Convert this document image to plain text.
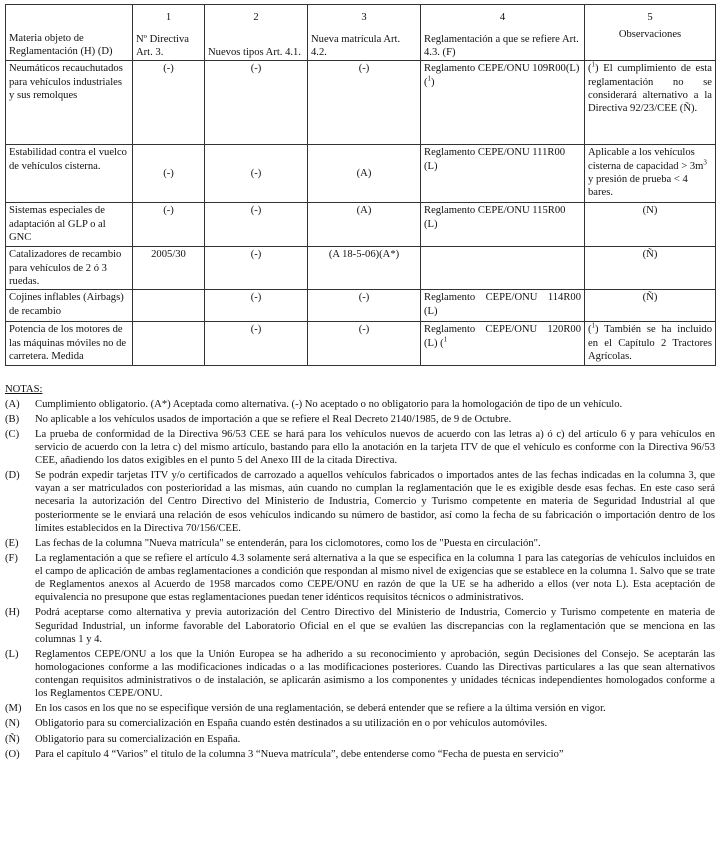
Materia objeto de Reglamentación (H) (D)	1	2	3	4	5
	Nº Directiva Art. 3.	Nuevos tipos Art. 4.1.	Nueva matrícula Art. 4.2.	Reglamentación a que se refiere Art. 4.3. (F)	Observaciones
Neumáticos recauchutados para vehículos industriales y sus remolques	(-)	(-)	(-)	Reglamento CEPE/ONU 109R00(L) ($^1$)	($^1$) El cumplimiento de esta reglamentación no se considerará alternativo a la Directiva 92/23/CEE (Ñ).
Estabilidad contra el vuelco de vehículos cisterna.	(-)	(-)	(A)	Reglamento CEPE/ONU 111R00 (L)	Aplicable a los vehículos cisterna de capacidad > $3m^3$ y presión de prueba < 4 bares.
Sistemas especiales de adaptación al GLP o al GNC	(-)	(-)	(A)	Reglamento CEPE/ONU 115R00 (L)	(N)
Catalizadores de recambio para vehículos de 2 ó 3 ruedas.	2005/30	(-)	(A 18-5-06)(A*)		(Ñ)
Cojines inflables (Airbags) de recambio		(-)	(-)	Reglamento CEPE/ONU 114R00 (L)	(Ñ)
Potencia de los motores de las máquinas móviles no de carretera. Medida		(-)	(-)	Reglamento CEPE/ONU 120R00 (L) ($^1$	($^1$) También se ha incluido en el Capítulo 2 Tractores Agrícolas.
NOTAS:
(A)	Cumplimiento obligatorio. (A*) Aceptada como alternativa. (-) No aceptado o no obligatorio para la homologación de tipo de un vehículo.
(B)	No aplicable a los vehículos usados de importación a que se refiere el Real Decreto 2140/1985, de 9 de Octubre.
(C)	La prueba de conformidad de la Directiva 96/53 CEE se hará para los vehículos nuevos de acuerdo con las letras a) ó c) del artículo 6 y para vehículos en servicio de acuerdo con la letra c) del mismo artículo, bastando para ello la anotación en la tarjeta ITV de que el vehículo es conforme con la Directiva 96/53 CEE, añadiendo los datos exigibles en el punto 5 del Anexo III de la citada Directiva.
(D)	Se podrán expedir tarjetas ITV y/o certificados de carrozado a aquellos vehículos fabricados o importados antes de las fechas indicadas en la columna 3, que vayan a ser matriculados con posterioridad a las mismas, aún cuando no cumplan la reglamentación que le es exigible desde esas fechas. En este caso será necesaria la autorización del Centro Directivo del Ministerio de Industria, Comercio y Turismo competente en materia de Seguridad Industrial al que posteriormente se le enviará una relación de esos vehículos indicando su número de bastidor, así como la fecha de su fabricación o importación dentro de los límites establecidos en la Directiva 70/156/CEE.
(E)	Las fechas de la columna "Nueva matrícula" se entenderán, para los ciclomotores, como los de "Puesta en circulación".
(F)	La reglamentación a que se refiere el artículo 4.3 solamente será alternativa a la que se especifica en la columna 1 para las categorías de vehículos incluidos en el campo de aplicación de ambas reglamentaciones a condición que respondan al mismo nivel de exigencias que se establece en la columna 1. Salvo que se trate de Reglamentos anexos al Acuerdo de 1958 marcados como CEPE/ONU en razón de que la UE se ha adherido a ellos (ver nota L). Esta aceptación de equivalencia no presupone que estas reglamentaciones puedan tener idénticos requisitos técnicos o administrativos.
(H)	Podrá aceptarse como alternativa y previa autorización del Centro Directivo del Ministerio de Industria, Comercio y Turismo competente en materia de Seguridad Industrial, un informe favorable del Laboratorio Oficial en el que se evalúen las discrepancias con la reglamentación que se menciona en las columnas 1 y 4.
(L)	Reglamentos CEPE/ONU a los que la Unión Europea se ha adherido a su reconocimiento y aprobación, según Decisiones del Consejo. Se aceptarán las homologaciones conforme a las modificaciones indicadas o a las modificaciones posteriores. Cuando las Directivas particulares a las que sean alternativos contengan requisitos administrativos o de instalación, se aplicarán asimismo a los componentes y unidades técnicas independientes homologados conforme a los Reglamentos CEPE/ONU.
(M)	En los casos en los que no se especifique versión de una reglamentación, se deberá entender que se refiere a la última versión en vigor.
(N)	Obligatorio para su comercialización en España cuando estén destinados a su utilización en o por vehículos automóviles.
(Ñ)	Obligatorio para su comercialización en España.
(O)	Para el capítulo 4 “Varios” el título de la columna 3 “Nueva matrícula”, debe entenderse como “Fecha de puesta en servicio”
